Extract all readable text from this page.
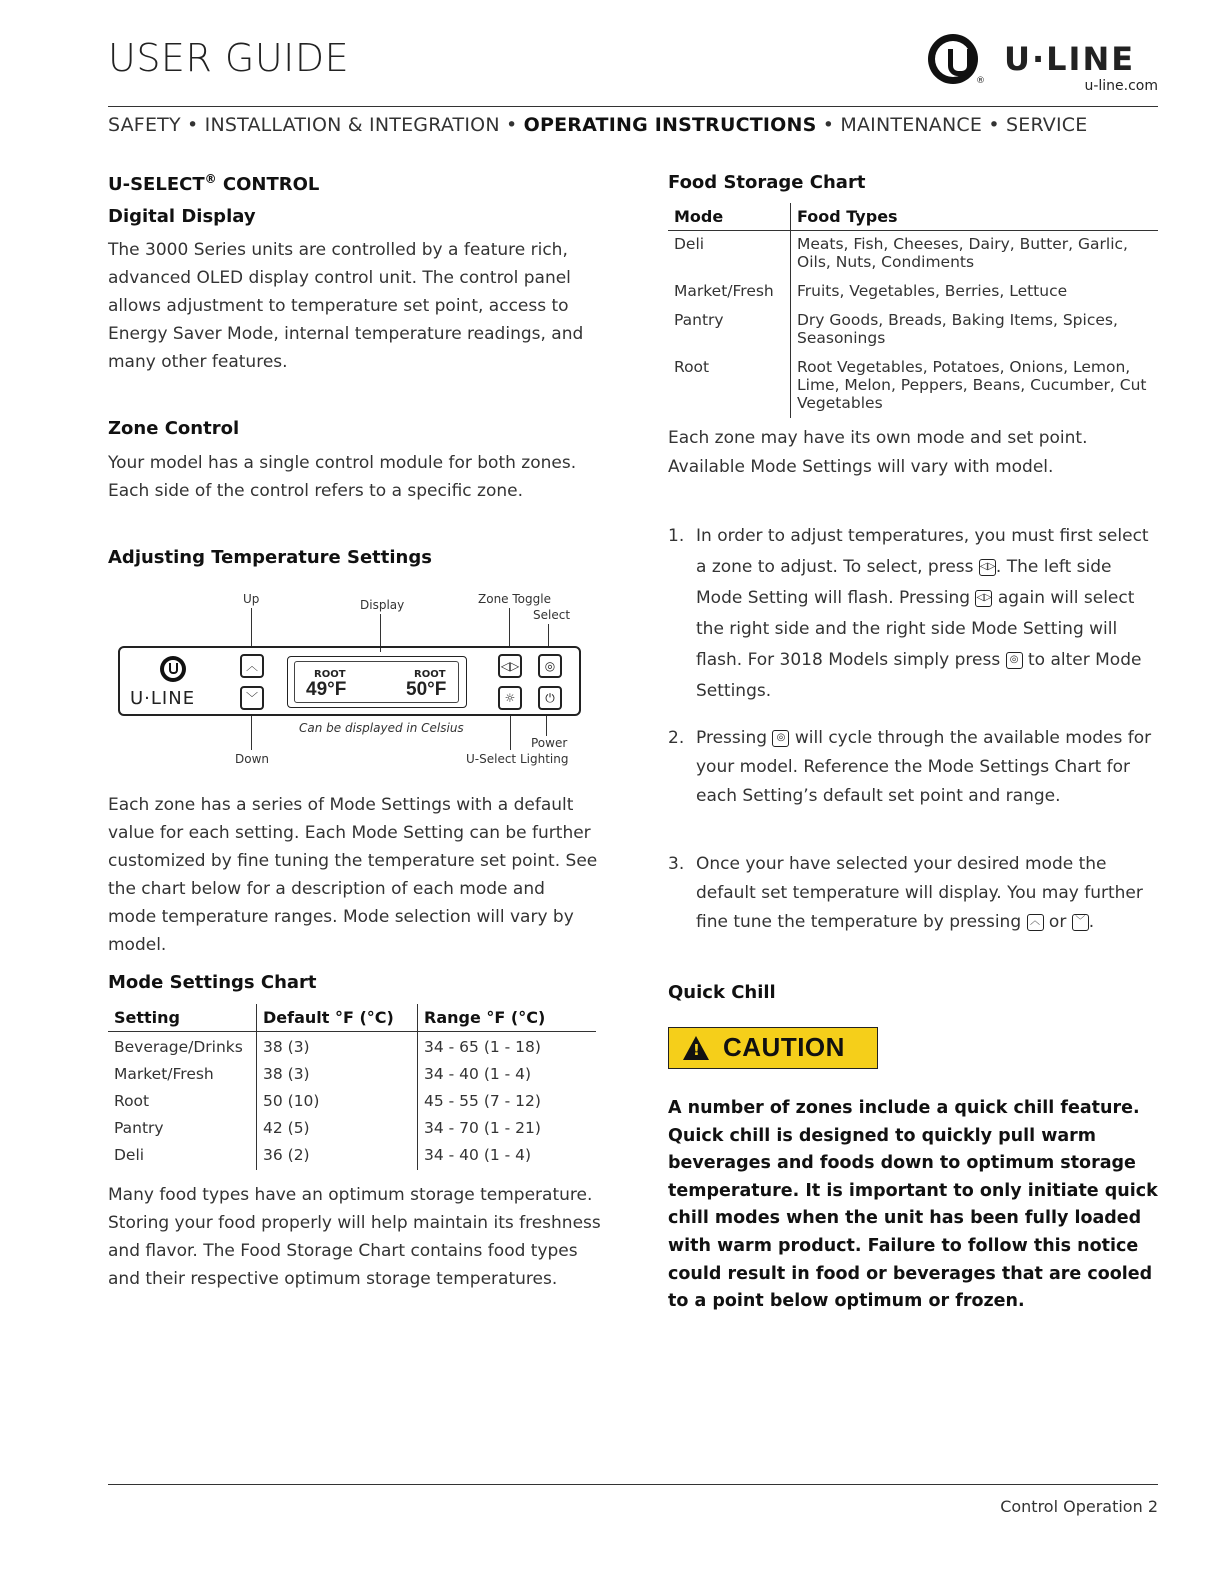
USER GUIDE
®
U·LINE
u-line.com
SAFETY • INSTALLATION & INTEGRATION • OPERATING INSTRUCTIONS • MAINTENANCE • SERVICE
U-SELECT® CONTROL
Digital Display
The 3000 Series units are controlled by a feature rich, advanced OLED display control unit. The control panel allows adjustment to temperature set point, access to Energy Saver Mode, internal temperature readings, and many other features.
Zone Control
Your model has a single control module for both zones. Each side of the control refers to a specific zone.
Adjusting Temperature Settings
Up	Display	Zone Toggle
Select
U·LINE
︿
﹀
ROOT	ROOT
49°F	50°F
◁▷	◎
☼	⏻
Can be displayed in Celsius
Down
Power
U-Select Lighting
Each zone has a series of Mode Settings with a default value for each setting. Each Mode Setting can be further customized by fine tuning the temperature set point. See the chart below for a description of each mode and mode temperature ranges. Mode selection will vary by model.
Mode Settings Chart
Setting	Default °F (°C)	Range °F (°C)
Beverage/Drinks	38 (3)	34 - 65 (1 - 18)
Market/Fresh	38 (3)	34 - 40 (1 - 4)
Root	50 (10)	45 - 55 (7 - 12)
Pantry	42 (5)	34 - 70 (1 - 21)
Deli	36 (2)	34 - 40 (1 - 4)
Many food types have an optimum storage temperature. Storing your food properly will help maintain its freshness and flavor. The Food Storage Chart contains food types and their respective optimum storage temperatures.
Food Storage Chart
Mode	Food Types
Deli	Meats, Fish, Cheeses, Dairy, Butter, Garlic, Oils, Nuts, Condiments
Market/Fresh	Fruits, Vegetables, Berries, Lettuce
Pantry	Dry Goods, Breads, Baking Items, Spices, Seasonings
Root	Root Vegetables, Potatoes, Onions, Lemon, Lime, Melon, Peppers, Beans, Cucumber, Cut Vegetables
Each zone may have its own mode and set point.
Available Mode Settings will vary with model.
1. In order to adjust temperatures, you must first select a zone to adjust. To select, press ◁▷. The left side Mode Setting will flash. Pressing ◁▷ again will select the right side and the right side Mode Setting will flash. For 3018 Models simply press ◎ to alter Mode Settings.
2. Pressing ◎ will cycle through the available modes for your model. Reference the Mode Settings Chart for each Setting’s default set point and range.
3. Once your have selected your desired mode the default set temperature will display. You may further fine tune the temperature by pressing ︿ or ﹀ .
Quick Chill
!
CAUTION
A number of zones include a quick chill feature. Quick chill is designed to quickly pull warm beverages and foods down to optimum storage temperature. It is important to only initiate quick chill modes when the unit has been fully loaded with warm product. Failure to follow this notice could result in food or beverages that are cooled to a point below optimum or frozen.
Control Operation 2
